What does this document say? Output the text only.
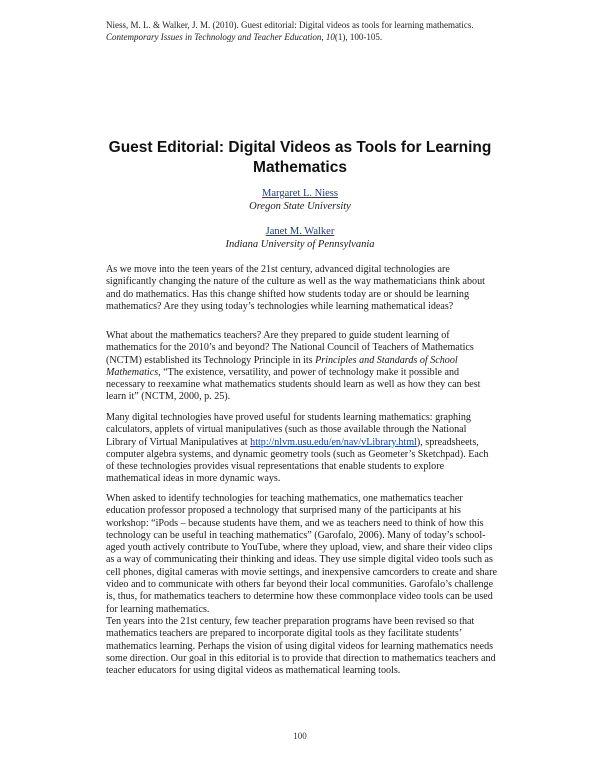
Niess, M. L. & Walker, J. M. (2010). Guest editorial: Digital videos as tools for learning mathematics. Contemporary Issues in Technology and Teacher Education, 10(1), 100-105.
Guest Editorial: Digital Videos as Tools for Learning Mathematics
Margaret L. Niess
Oregon State University
Janet M. Walker
Indiana University of Pennsylvania

As we move into the teen years of the 21st century, advanced digital technologies are significantly changing the nature of the culture as well as the way mathematicians think about and do mathematics. Has this change shifted how students today are or should be learning mathematics? Are they using today’s technologies while learning mathematical ideas?

What about the mathematics teachers? Are they prepared to guide student learning of mathematics for the 2010’s and beyond? The National Council of Teachers of Mathematics (NCTM) established its Technology Principle in its Principles and Standards of School Mathematics, “The existence, versatility, and power of technology make it possible and necessary to reexamine what mathematics students should learn as well as how they can best learn it” (NCTM, 2000, p. 25).

Many digital technologies have proved useful for students learning mathematics: graphing calculators, applets of virtual manipulatives (such as those available through the National Library of Virtual Manipulatives at http://nlvm.usu.edu/en/nav/vLibrary.html), spreadsheets, computer algebra systems, and dynamic geometry tools (such as Geometer’s Sketchpad). Each of these technologies provides visual representations that enable students to explore mathematical ideas in more dynamic ways.

When asked to identify technologies for teaching mathematics, one mathematics teacher education professor proposed a technology that surprised many of the participants at his workshop: “iPods – because students have them, and we as teachers need to think of how this technology can be useful in teaching mathematics” (Garofalo, 2006). Many of today’s school-aged youth actively contribute to YouTube, where they upload, view, and share their video clips as a way of communicating their thinking and ideas. They use simple digital video tools such as cell phones, digital cameras with movie settings, and inexpensive camcorders to create and share video and to communicate with others far beyond their local communities. Garofalo’s challenge is, thus, for mathematics teachers to determine how these commonplace video tools can be used for learning mathematics.

Ten years into the 21st century, few teacher preparation programs have been revised so that mathematics teachers are prepared to incorporate digital tools as they facilitate students’ mathematics learning. Perhaps the vision of using digital videos for learning mathematics needs some direction. Our goal in this editorial is to provide that direction to mathematics teachers and teacher educators for using digital videos as mathematical learning tools.

100
